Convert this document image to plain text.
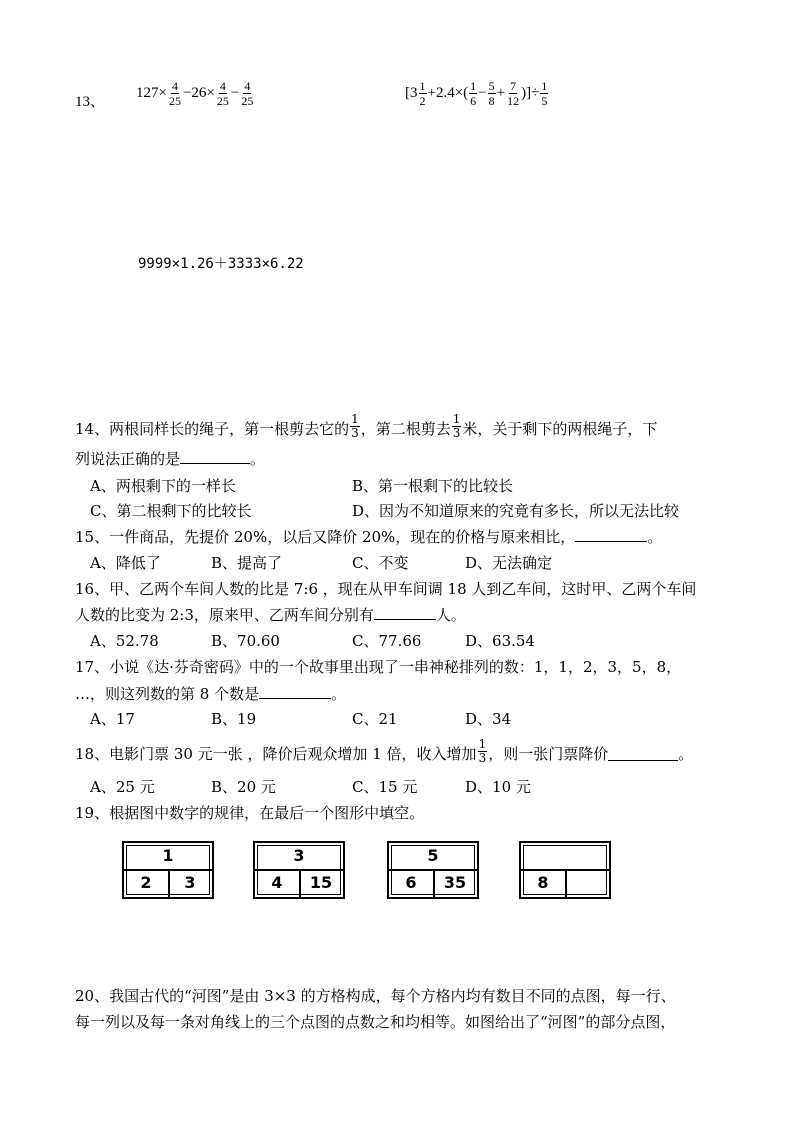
13、
$127\times \frac{4}{25} -26\times \frac{4}{25} - \frac{4}{25}$	[$3 \frac{1}{2} +2.4\times( \frac{1}{6} - \frac{5}{8} + \frac{7}{12}$ )]÷ $\frac{1}{5}$
9999×1.26＋3333×6.22
14、两根同样长的绳子，第一根剪去它的 $\frac{1}{3}$ ，第二根剪去 $\frac{1}{3}$ 米，关于剩下的两根绳子，下
列说法正确的是	。
A、两根剩下的一样长	B、第一根剩下的比较长
C、第二根剩下的比较长	D、因为不知道原来的究竟有多长，所以无法比较
15、一件商品，先提价 20%，以后又降价 20%，现在的价格与原来相比，	。
A、降低了	B、提高了	C、不变	D、无法确定
16、甲、乙两个车间人数的比是 7:6 ，现在从甲车间调 18 人到乙车间，这时甲、乙两个车间
人数的比变为 2:3，原来甲、乙两车间分别有	人。
A、52.78	B、70.60	C、77.66	D、63.54
17、小说《达·芬奇密码》中的一个故事里出现了一串神秘排列的数：1，1，2，3，5，8，
…，则这列数的第 8 个数是	。
A、17	B、19	C、21	D、34
18、电影门票 30 元一张 ，降价后观众增加 1 倍，收入增加 $\frac{1}{3}$ ，则一张门票降价	。
A、25 元	B、20 元	C、15 元	D、10 元
19、根据图中数字的规律，在最后一个图形中填空。
1
2	3
3
4	15
5
6	35	8
20、我国古代的“河图”是由 3×3 的方格构成，每个方格内均有数目不同的点图，每一行、
每一列以及每一条对角线上的三个点图的点数之和均相等。如图给出了“河图”的部分点图，
